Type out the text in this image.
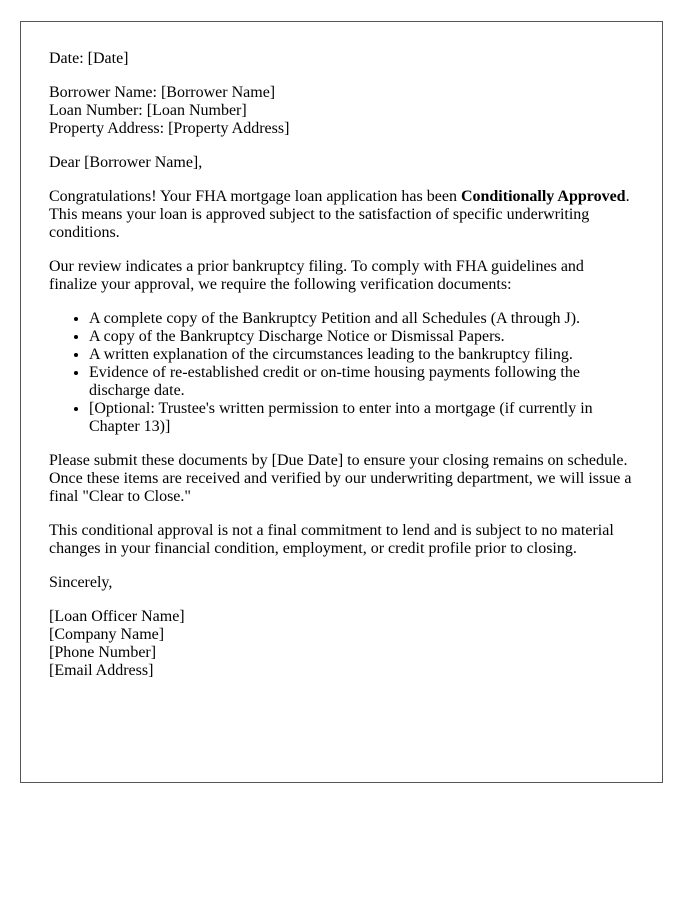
Date: [Date]

Borrower Name: [Borrower Name]
Loan Number: [Loan Number]
Property Address: [Property Address]

Dear [Borrower Name],

Congratulations! Your FHA mortgage loan application has been Conditionally Approved. This means your loan is approved subject to the satisfaction of specific underwriting conditions.

Our review indicates a prior bankruptcy filing. To comply with FHA guidelines and finalize your approval, we require the following verification documents:

• A complete copy of the Bankruptcy Petition and all Schedules (A through J).
• A copy of the Bankruptcy Discharge Notice or Dismissal Papers.
• A written explanation of the circumstances leading to the bankruptcy filing.
• Evidence of re-established credit or on-time housing payments following the discharge date.
• [Optional: Trustee's written permission to enter into a mortgage (if currently in Chapter 13)]

Please submit these documents by [Due Date] to ensure your closing remains on schedule. Once these items are received and verified by our underwriting department, we will issue a final "Clear to Close."

This conditional approval is not a final commitment to lend and is subject to no material changes in your financial condition, employment, or credit profile prior to closing.

Sincerely,

[Loan Officer Name]
[Company Name]
[Phone Number]
[Email Address]
